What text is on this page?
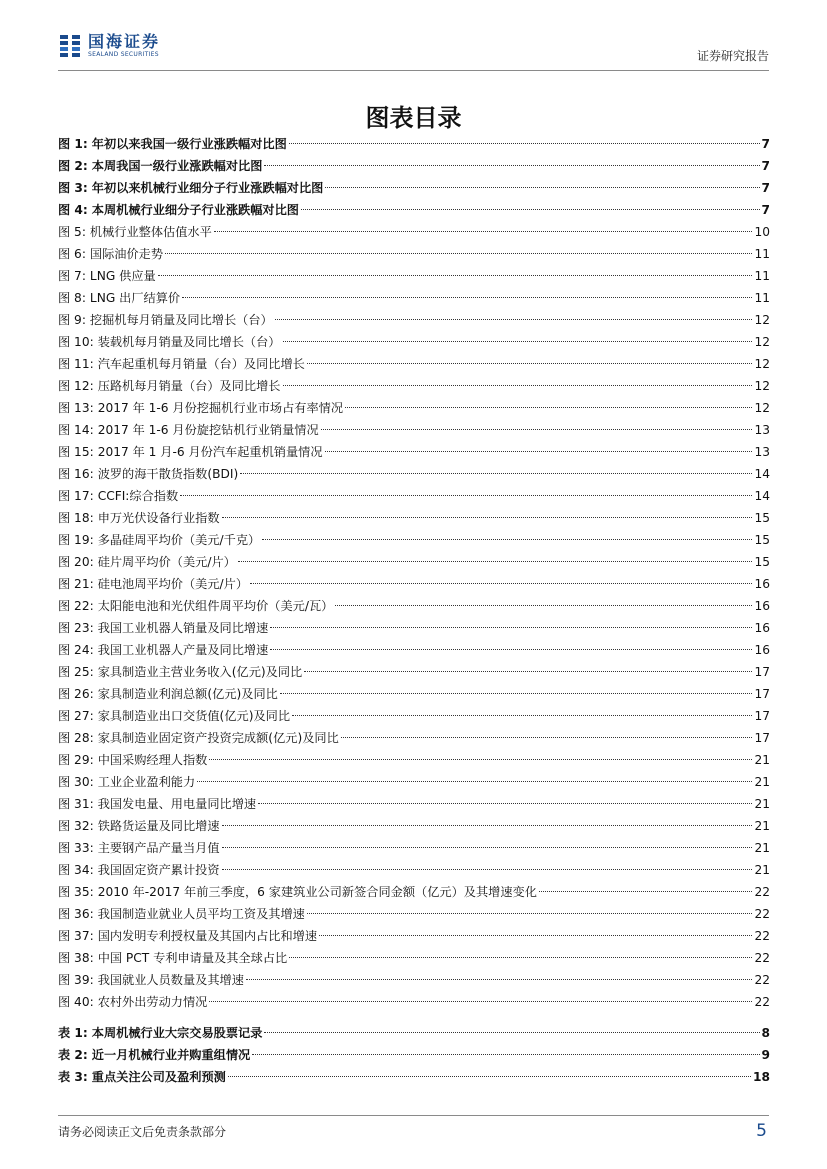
国海证券
SEALAND SECURITIES	证券研究报告
图表目录
图 1: 年初以来我国一级行业涨跌幅对比图	7
图 2: 本周我国一级行业涨跌幅对比图	7
图 3: 年初以来机械行业细分子行业涨跌幅对比图	7
图 4: 本周机械行业细分子行业涨跌幅对比图	7
图 5: 机械行业整体估值水平	10
图 6: 国际油价走势	11
图 7: LNG 供应量	11
图 8: LNG 出厂结算价	11
图 9: 挖掘机每月销量及同比增长（台）	12
图 10: 装载机每月销量及同比增长（台）	12
图 11: 汽车起重机每月销量（台）及同比增长	12
图 12: 压路机每月销量（台）及同比增长	12
图 13: 2017 年 1-6 月份挖掘机行业市场占有率情况	12
图 14: 2017 年 1-6 月份旋挖钻机行业销量情况	13
图 15: 2017 年 1 月-6 月份汽车起重机销量情况	13
图 16: 波罗的海干散货指数(BDI)	14
图 17: CCFI:综合指数	14
图 18: 申万光伏设备行业指数	15
图 19: 多晶硅周平均价（美元/千克）	15
图 20: 硅片周平均价（美元/片）	15
图 21: 硅电池周平均价（美元/片）	16
图 22: 太阳能电池和光伏组件周平均价（美元/瓦）	16
图 23: 我国工业机器人销量及同比增速	16
图 24: 我国工业机器人产量及同比增速	16
图 25: 家具制造业主营业务收入(亿元)及同比	17
图 26: 家具制造业利润总额(亿元)及同比	17
图 27: 家具制造业出口交货值(亿元)及同比	17
图 28: 家具制造业固定资产投资完成额(亿元)及同比	17
图 29: 中国采购经理人指数	21
图 30: 工业企业盈利能力	21
图 31: 我国发电量、用电量同比增速	21
图 32: 铁路货运量及同比增速	21
图 33: 主要钢产品产量当月值	21
图 34: 我国固定资产累计投资	21
图 35: 2010 年-2017 年前三季度，6 家建筑业公司新签合同金额（亿元）及其增速变化	22
图 36: 我国制造业就业人员平均工资及其增速	22
图 37: 国内发明专利授权量及其国内占比和增速	22
图 38: 中国 PCT 专利申请量及其全球占比	22
图 39: 我国就业人员数量及其增速	22
图 40: 农村外出劳动力情况	22
表 1: 本周机械行业大宗交易股票记录	8
表 2: 近一月机械行业并购重组情况	9
表 3: 重点关注公司及盈利预测	18
请务必阅读正文后免责条款部分	5
